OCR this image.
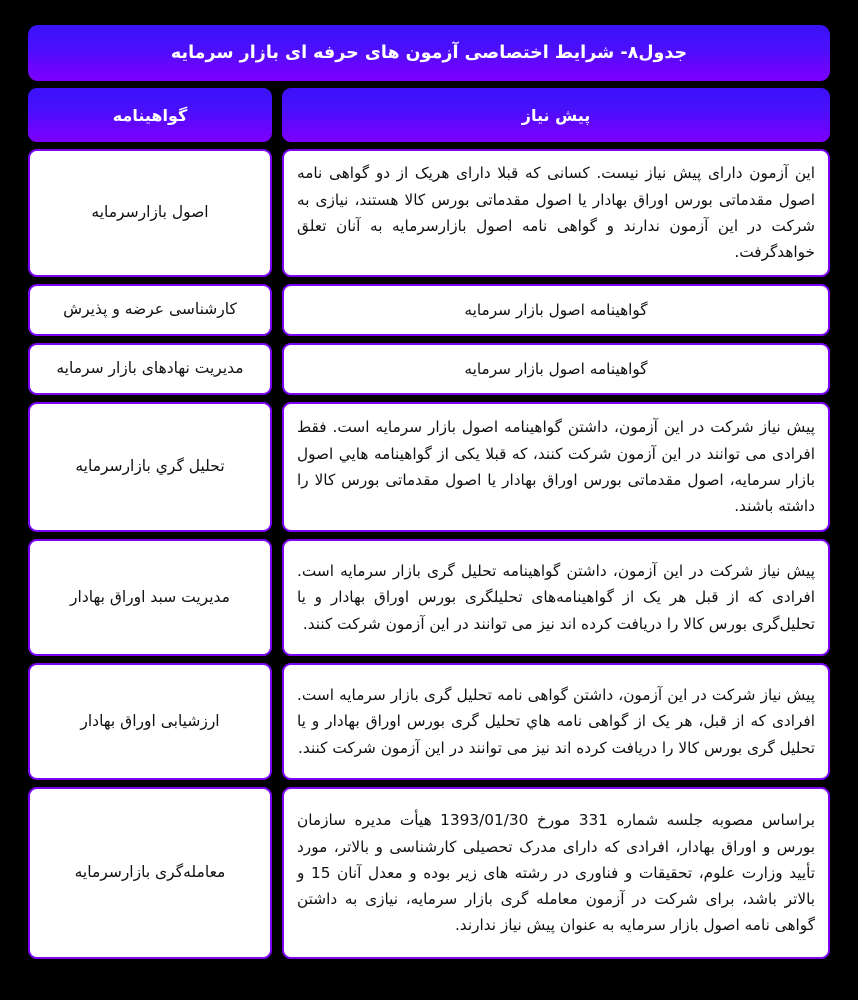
جدول۸- شرایط اختصاصی آزمون های حرفه ای بازار سرمایه
پیش نیاز
گواهینامه
این آزمون دارای پیش نیاز نیست. کسانی که قبلا دارای هریک از دو گواهی نامه اصول مقدماتی بورس اوراق بهادار یا اصول مقدماتی بورس کالا هستند، نیازی به شرکت در این آزمون ندارند و گواهی نامه اصول بازارسرمایه به آنان تعلق خواهدگرفت.
اصول بازارسرمایه
گواهینامه اصول بازار سرمایه
کارشناسی عرضه و پذیرش
گواهینامه اصول بازار سرمایه
مدیریت نهادهای بازار سرمایه
پیش نیاز شرکت در این آزمون، داشتن گواهینامه اصول بازار سرمایه است. فقط افرادی می توانند در این آزمون شرکت کنند، که قبلا یکی از گواهینامه هایي اصول بازار سرمایه، اصول مقدماتی بورس اوراق بهادار یا اصول مقدماتی بورس کالا را داشته باشند.
تحلیل گري بازارسرمایه
پیش نیاز شرکت در این آزمون، داشتن گواهینامه تحلیل گری بازار سرمایه است. افرادی که از قبل هر یک از گواهینامه‌های تحلیلگری بورس اوراق بهادار و یا تحلیل‌گری بورس کالا را دریافت کرده اند نیز می توانند در این آزمون شرکت کنند.
مدیریت سبد اوراق بهادار
پیش نیاز شرکت در این آزمون، داشتن گواهی نامه تحلیل گری بازار سرمایه است. افرادی که از قبل، هر یک از گواهی نامه هاي تحلیل گری بورس اوراق بهادار و یا تحلیل گری بورس کالا را دریافت کرده اند نیز می توانند در این آزمون شرکت کنند.
ارزشیابی اوراق بهادار
براساس مصوبه جلسه شماره 331 مورخ 1393/01/30 هیأت مدیره سازمان بورس و اوراق بهادار، افرادی که دارای مدرک تحصیلی کارشناسی و بالاتر، مورد تأیید وزارت علوم، تحقیقات و فناوری در رشته های زیر بوده و معدل آنان 15 و بالاتر باشد، برای شرکت در آزمون معامله گری بازار سرمایه، نیازی به داشتن گواهی نامه اصول بازار سرمایه به عنوان پیش نیاز ندارند.
معامله‌گری بازارسرمایه
